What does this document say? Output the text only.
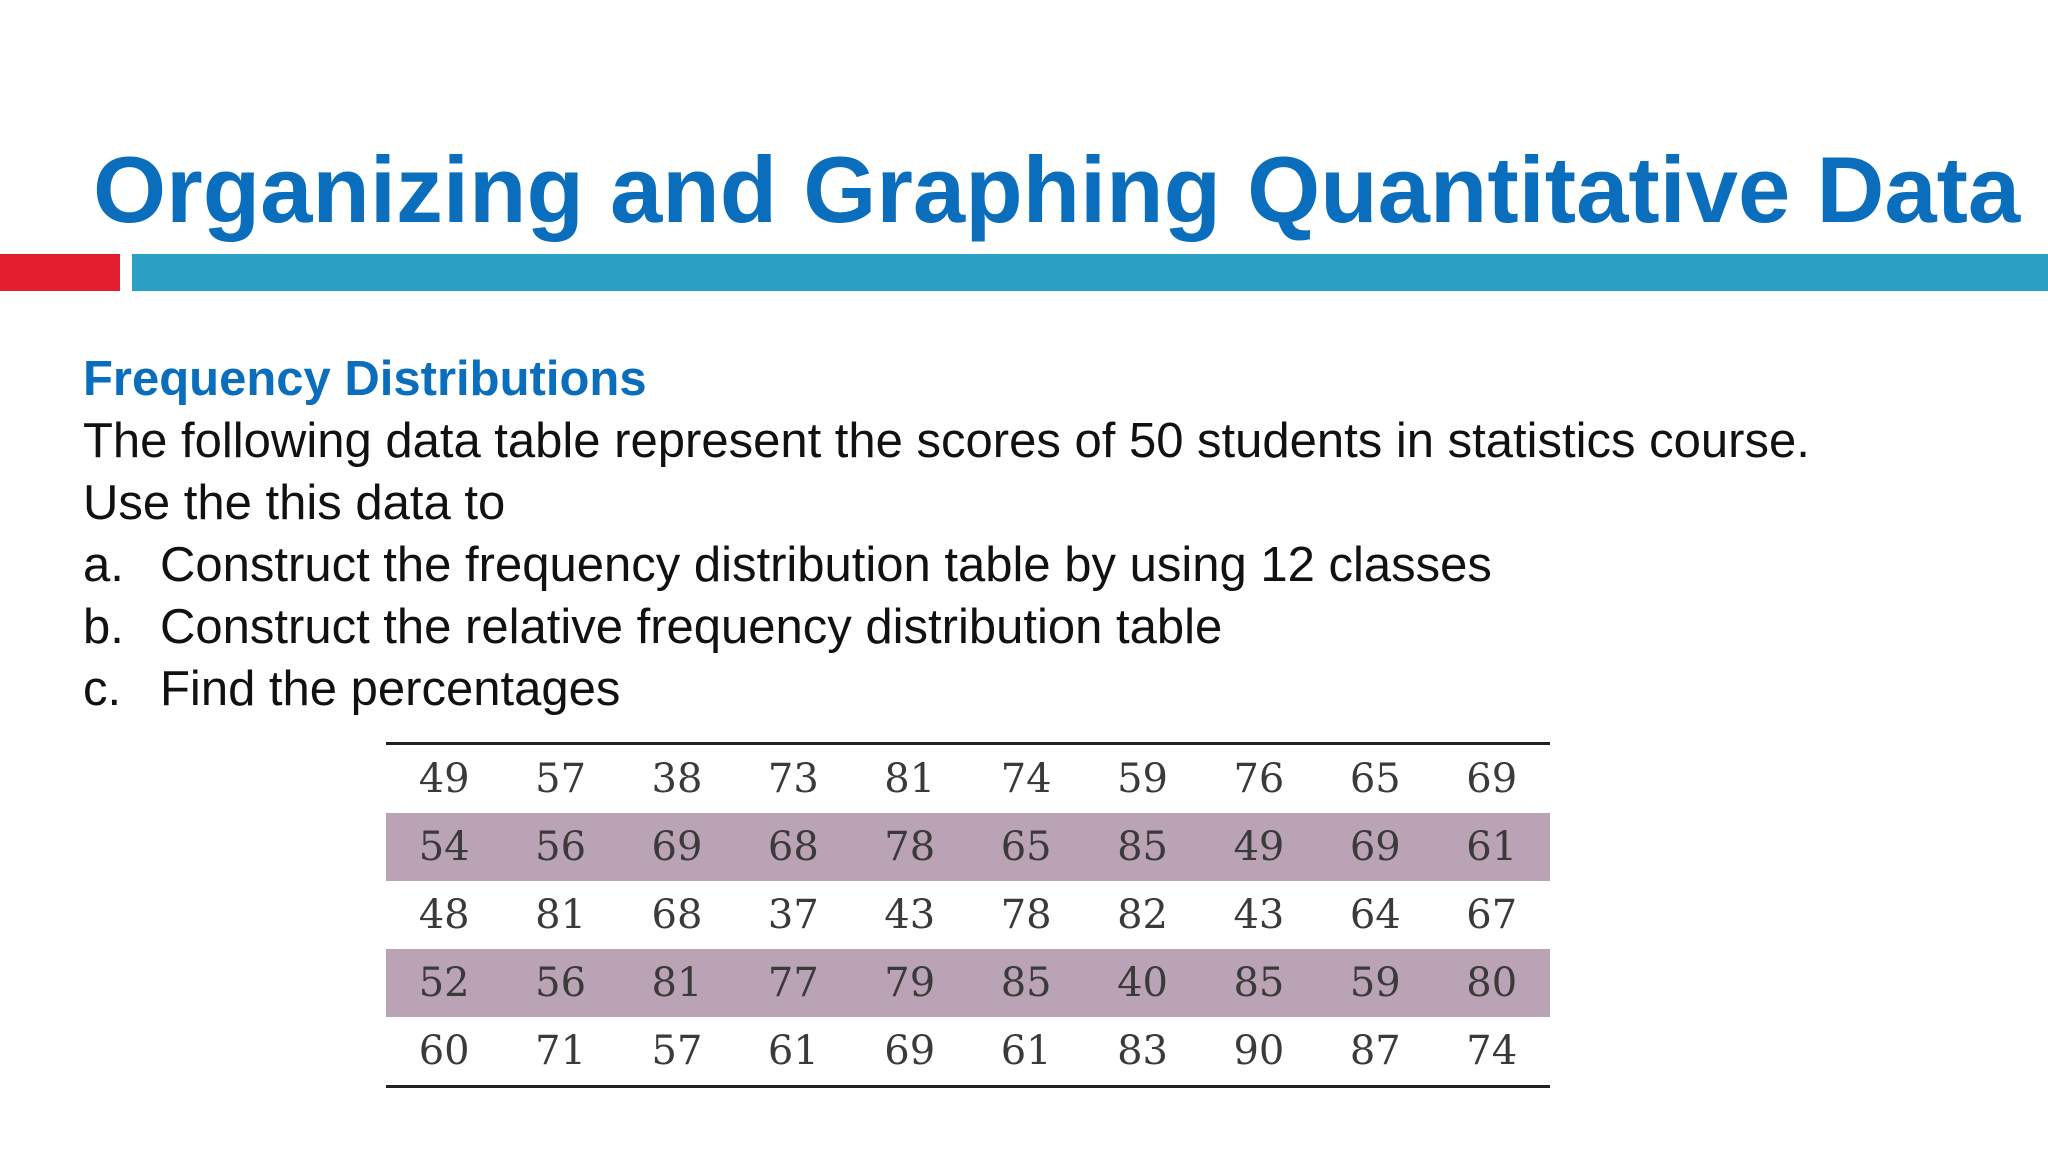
Organizing and Graphing Quantitative Data

Frequency Distributions

The following data table represent the scores of 50 students in statistics course.

Use the this data to

a. Construct the frequency distribution table by using 12 classes
b. Construct the relative frequency distribution table
c. Find the percentages
49	57	38	73	81	74	59	76	65	69
54	56	69	68	78	65	85	49	69	61
48	81	68	37	43	78	82	43	64	67
52	56	81	77	79	85	40	85	59	80
60	71	57	61	69	61	83	90	87	74
